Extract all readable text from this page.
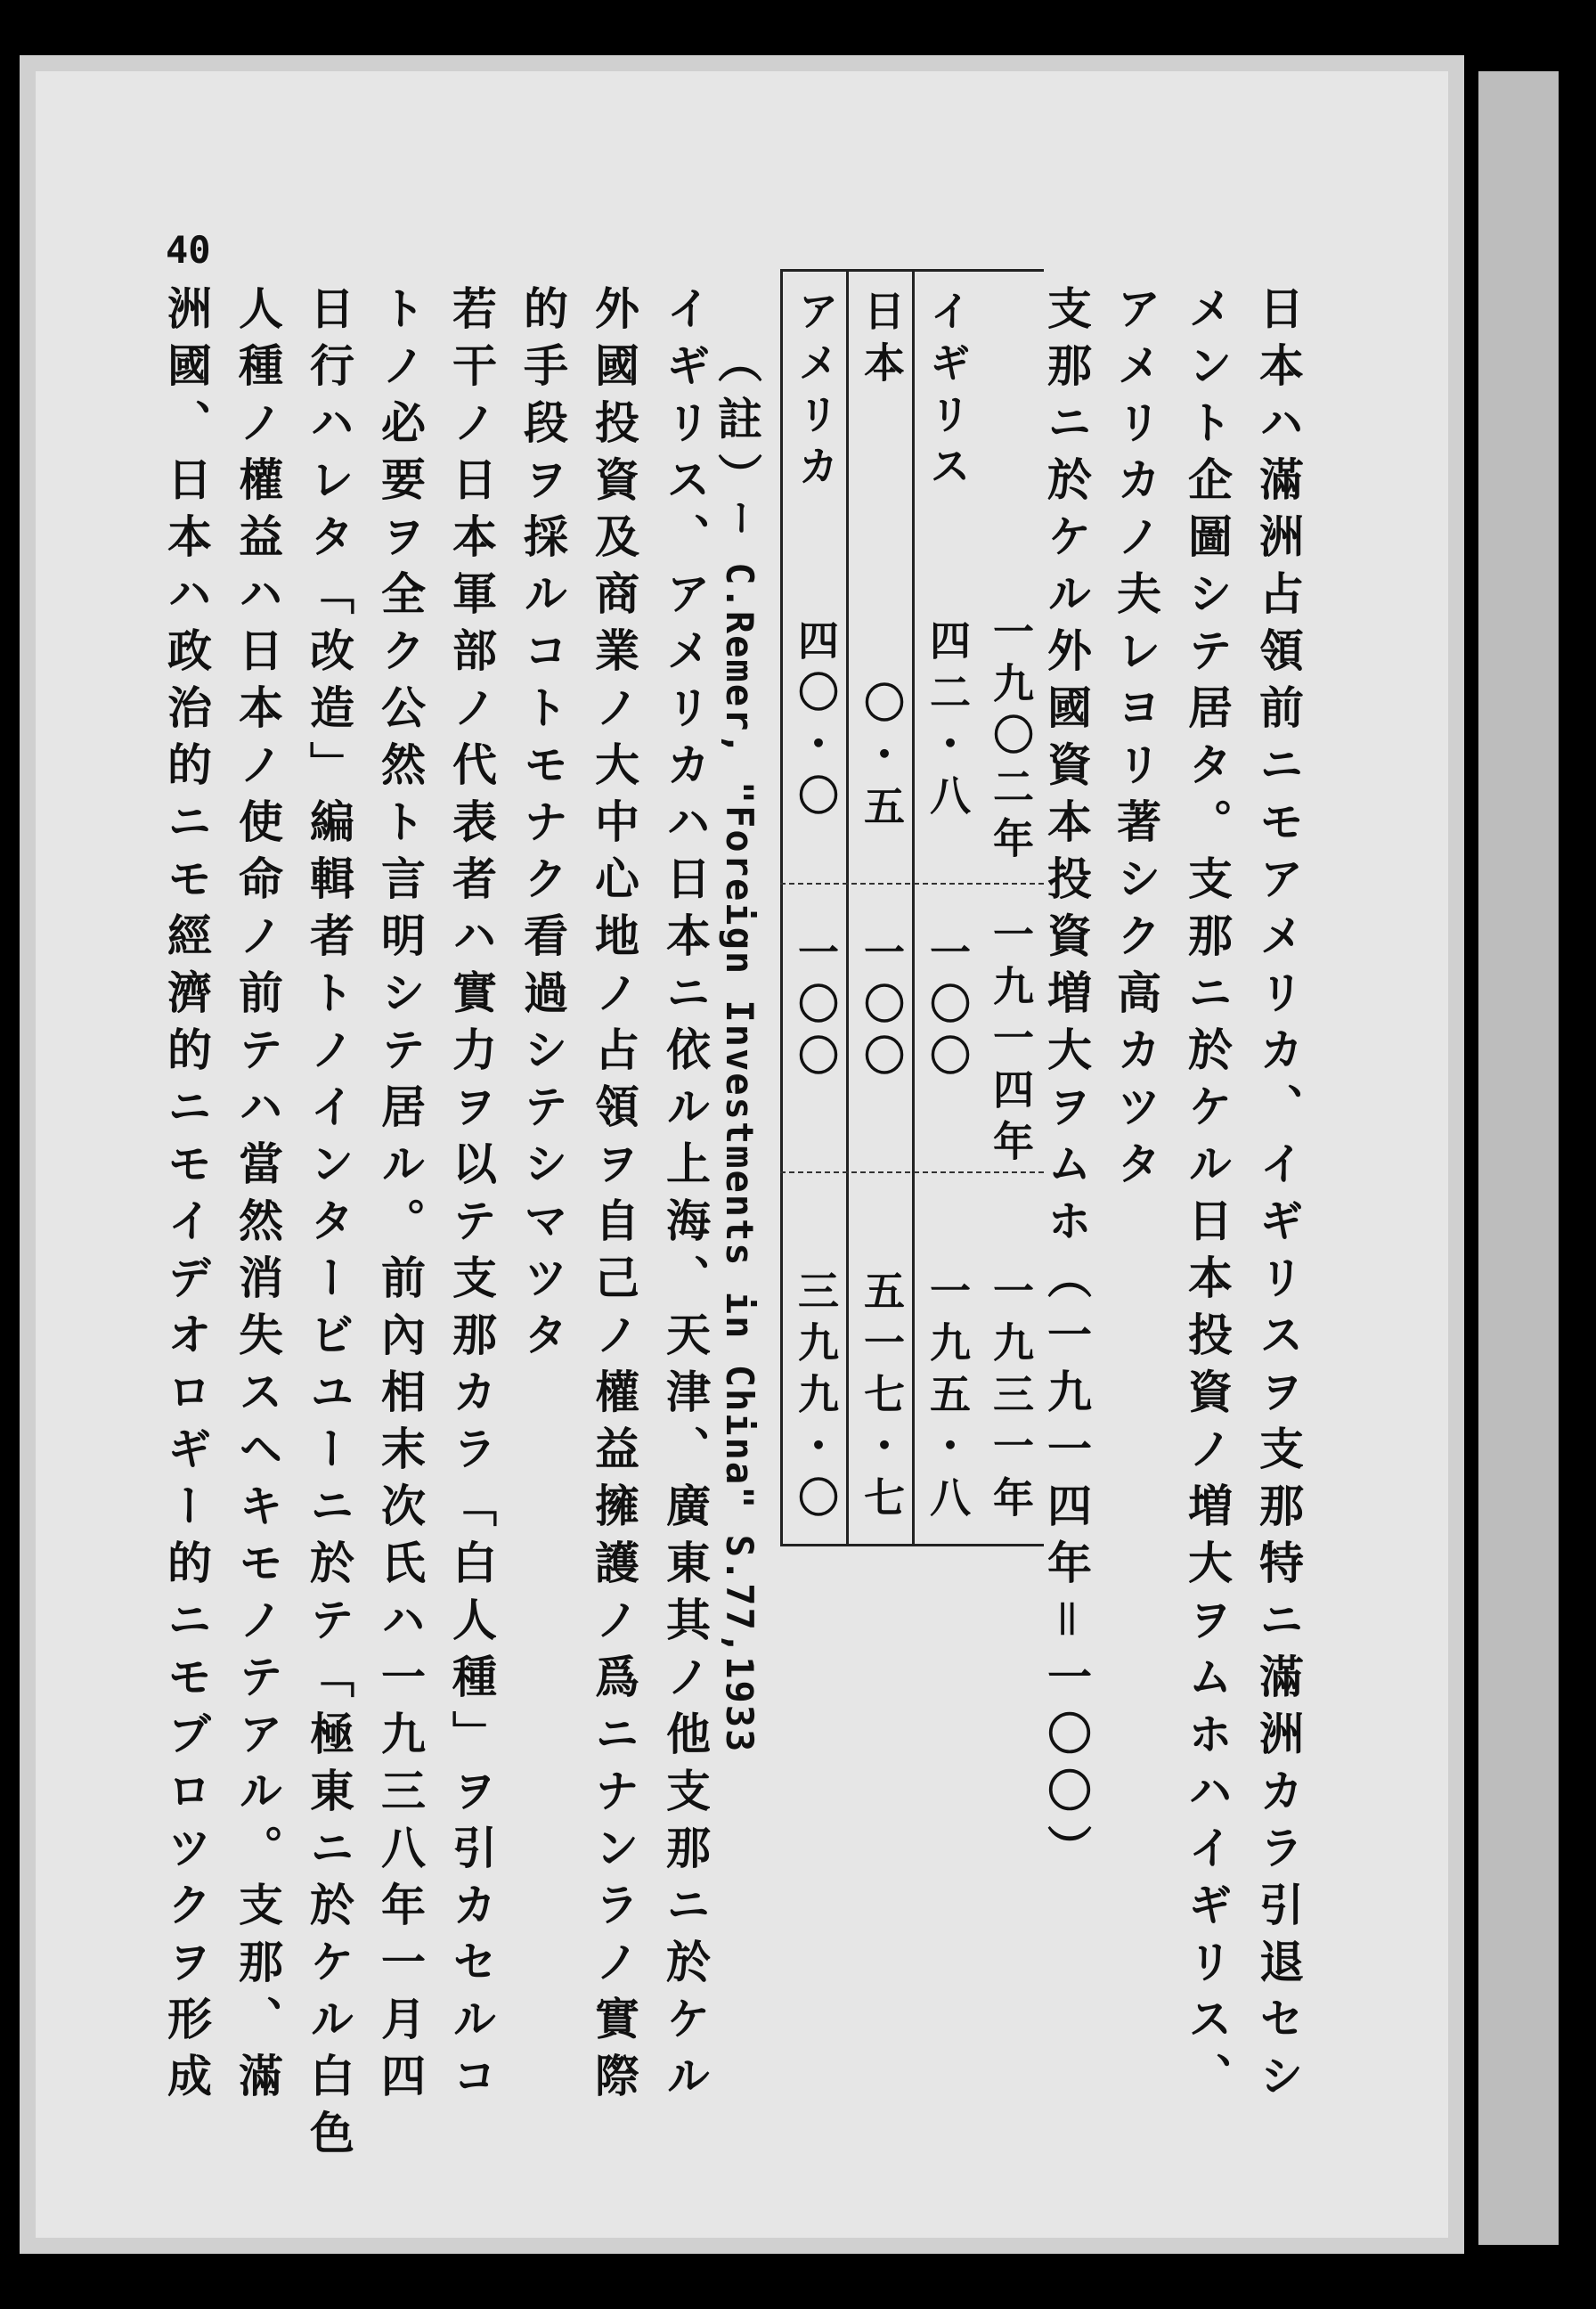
40
日本ハ滿洲占領前ニモアメリカ、イギリスヲ支那特ニ滿洲カラ引退セシ
メント企圖シテ居タ。支那ニ於ケル日本投資ノ増大ヲムホハイギリス、
アメリカノ夫レヨリ著シク高カツタ
支那ニ於ケル外國資本投資増大ヲムホ（一九一四年＝一〇〇）
一九〇二年
一九一四年
一九三一年
イギリス
四二・八
一〇〇
一九五・八
日本
〇・五
一〇〇
五一七・七
アメリカ
四〇・〇
一〇〇
三九九・〇
（註）
ー C.Remer, "Foreign Investments in China" S.77,1933
イギリス、アメリカハ日本ニ依ル上海、天津、廣東其ノ他支那ニ於ケル
外國投資及商業ノ大中心地ノ占領ヲ自己ノ權益擁護ノ爲ニナンラノ實際
的手段ヲ採ルコトモナク看過シテシマツタ
若干ノ日本軍部ノ代表者ハ實力ヲ以テ支那カラ「白人種」ヲ引カセルコ
トノ必要ヲ全ク公然ト言明シテ居ル。前內相末次氏ハ一九三八年一月四
日行ハレタ「改造」編輯者トノインタービユーニ於テ「極東ニ於ケル白色
人種ノ權益ハ日本ノ使命ノ前テハ當然消失スヘキモノテアル。支那、滿
洲國、日本ハ政治的ニモ經濟的ニモイデオロギー的ニモブロツクヲ形成
